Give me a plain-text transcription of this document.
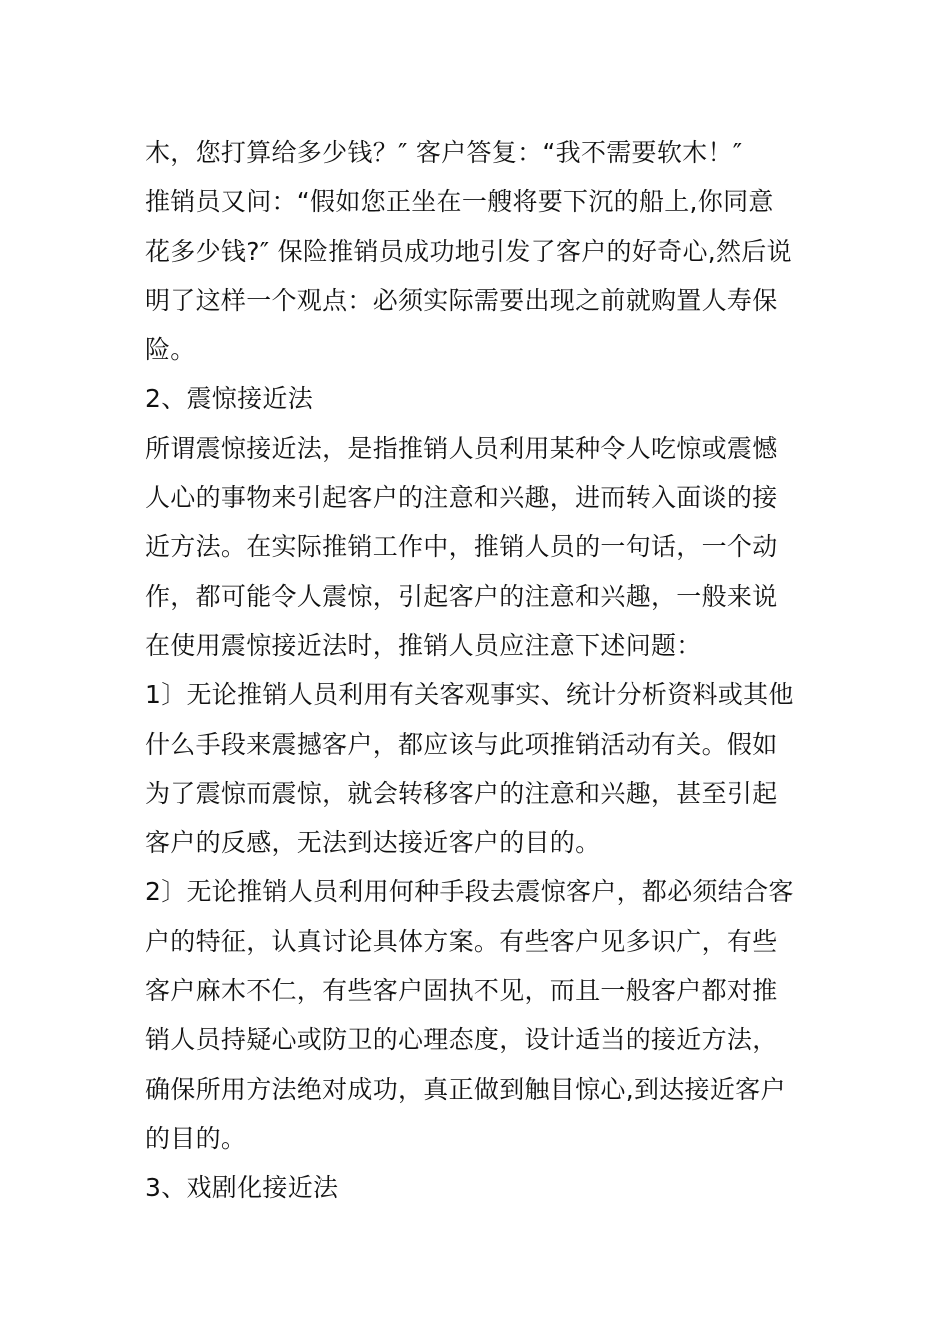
木，您打算给多少钱？″ 客户答复：“我不需要软木！″
推销员又问：“假如您正坐在一艘将要下沉的船上,你同意
花多少钱?″ 保险推销员成功地引发了客户的好奇心,然后说
明了这样一个观点：必须实际需要出现之前就购置人寿保
险。
2、震惊接近法
所谓震惊接近法，是指推销人员利用某种令人吃惊或震憾
人心的事物来引起客户的注意和兴趣，进而转入面谈的接
近方法。在实际推销工作中，推销人员的一句话，一个动
作，都可能令人震惊，引起客户的注意和兴趣，一般来说
在使用震惊接近法时，推销人员应注意下述问题：
1〕无论推销人员利用有关客观事实、统计分析资料或其他
什么手段来震撼客户，都应该与此项推销活动有关。假如
为了震惊而震惊，就会转移客户的注意和兴趣，甚至引起
客户的反感，无法到达接近客户的目的。
2〕无论推销人员利用何种手段去震惊客户，都必须结合客
户的特征，认真讨论具体方案。有些客户见多识广，有些
客户麻木不仁，有些客户固执不见，而且一般客户都对推
销人员持疑心或防卫的心理态度，设计适当的接近方法，
确保所用方法绝对成功，真正做到触目惊心,到达接近客户
的目的。
3、戏剧化接近法
